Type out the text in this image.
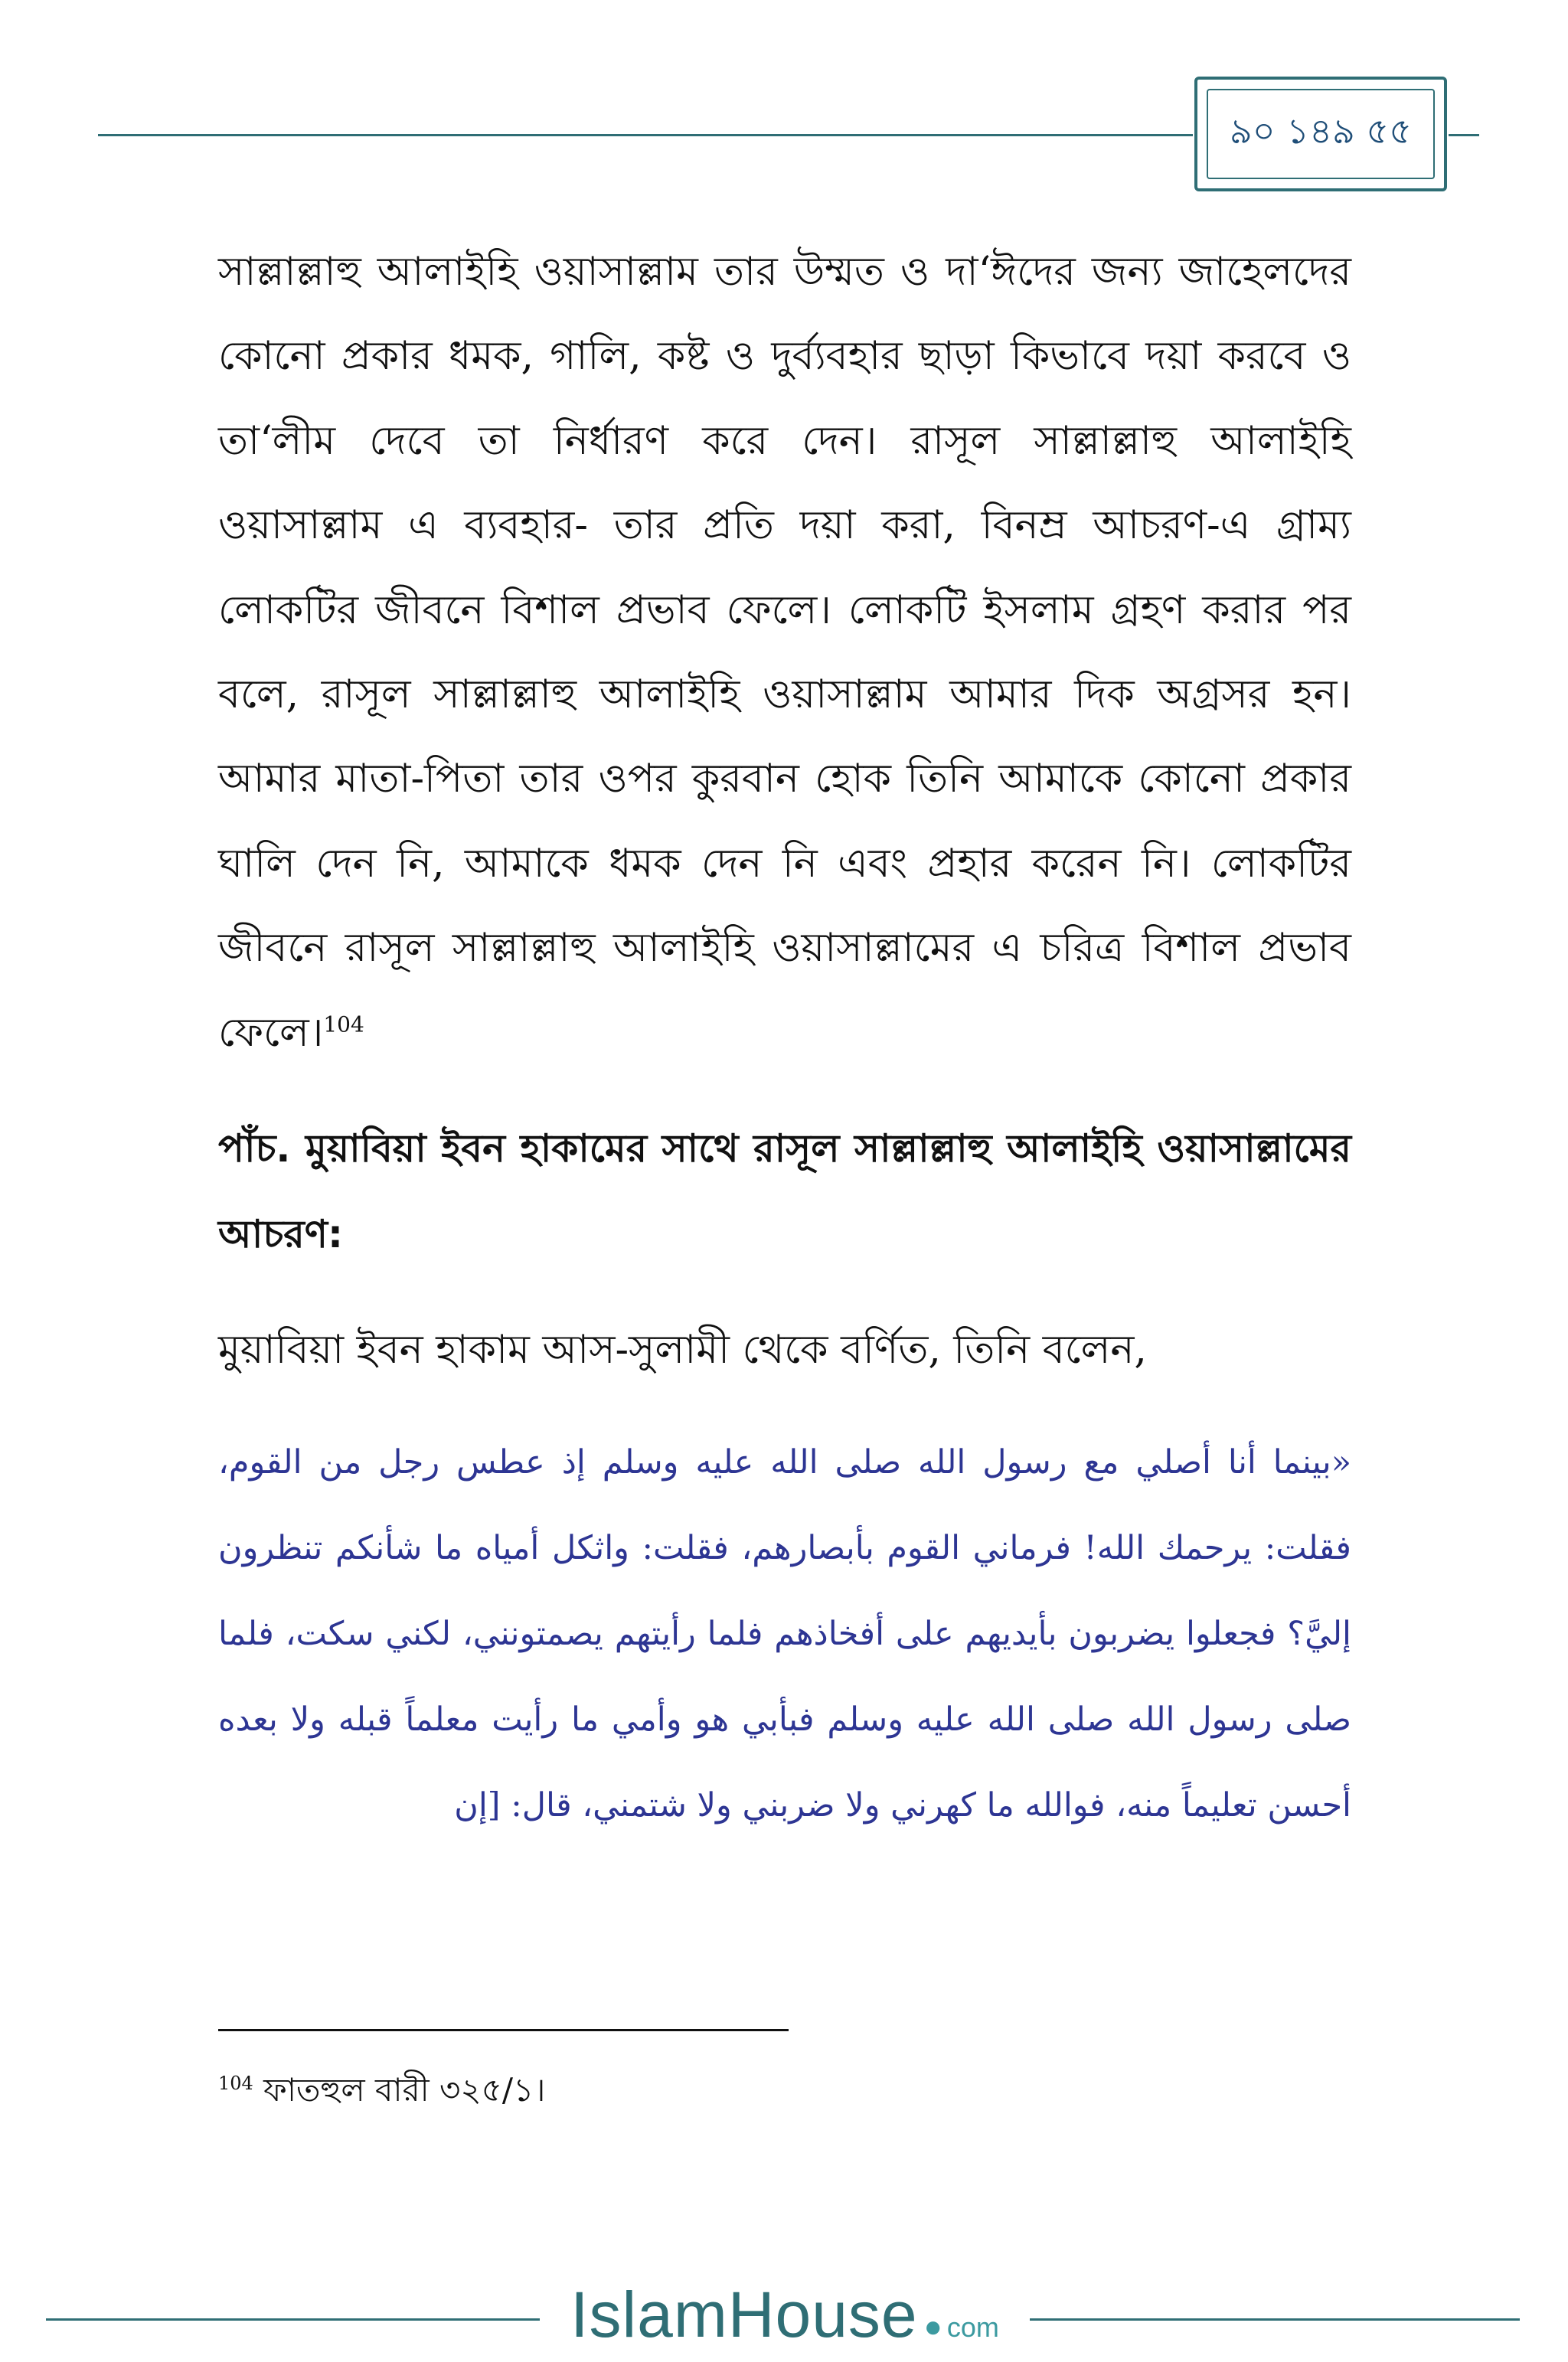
৯০ ১৪৯ ৫৫

সাল্লাল্লাহু আলাইহি ওয়াসাল্লাম তার উম্মত ও দা‘ঈদের জন্য জাহেলদের কোনো প্রকার ধমক, গালি, কষ্ট ও দুর্ব্যবহার ছাড়া কিভাবে দয়া করবে ও তা‘লীম দেবে তা নির্ধারণ করে দেন। রাসূল সাল্লাল্লাহু আলাইহি ওয়াসাল্লাম এ ব্যবহার- তার প্রতি দয়া করা, বিনম্র আচরণ-এ গ্রাম্য লোকটির জীবনে বিশাল প্রভাব ফেলে। লোকটি ইসলাম গ্রহণ করার পর বলে, রাসূল সাল্লাল্লাহু আলাইহি ওয়াসাল্লাম আমার দিক অগ্রসর হন। আমার মাতা-পিতা তার ওপর কুরবান হোক তিনি আমাকে কোনো প্রকার ঘালি দেন নি, আমাকে ধমক দেন নি এবং প্রহার করেন নি। লোকটির জীবনে রাসূল সাল্লাল্লাহু আলাইহি ওয়াসাল্লামের এ চরিত্র বিশাল প্রভাব ফেলে।$^{104}$

পাঁচ. মুয়াবিয়া ইবন হাকামের সাথে রাসূল সাল্লাল্লাহু আলাইহি ওয়াসাল্লামের আচরণ:

মুয়াবিয়া ইবন হাকাম আস-সুলামী থেকে বর্ণিত, তিনি বলেন,

«بينما أنا أصلي مع رسول الله صلى الله عليه وسلم إذ عطس رجل من القوم، فقلت: يرحمك الله! فرماني القوم بأبصارهم، فقلت: واثكل أمياه ما شأنكم تنظرون إليَّ؟ فجعلوا يضربون بأيديهم على أفخاذهم فلما رأيتهم يصمتونني، لكني سكت، فلما صلى رسول الله صلى الله عليه وسلم فبأبي هو وأمي ما رأيت معلماً قبله ولا بعده أحسن تعليماً منه، فوالله ما كهرني ولا ضربني ولا شتمني، قال: [إن

$^{104}$ ফাতহুল বারী ৩২৫/১।
IslamHouse ● com
